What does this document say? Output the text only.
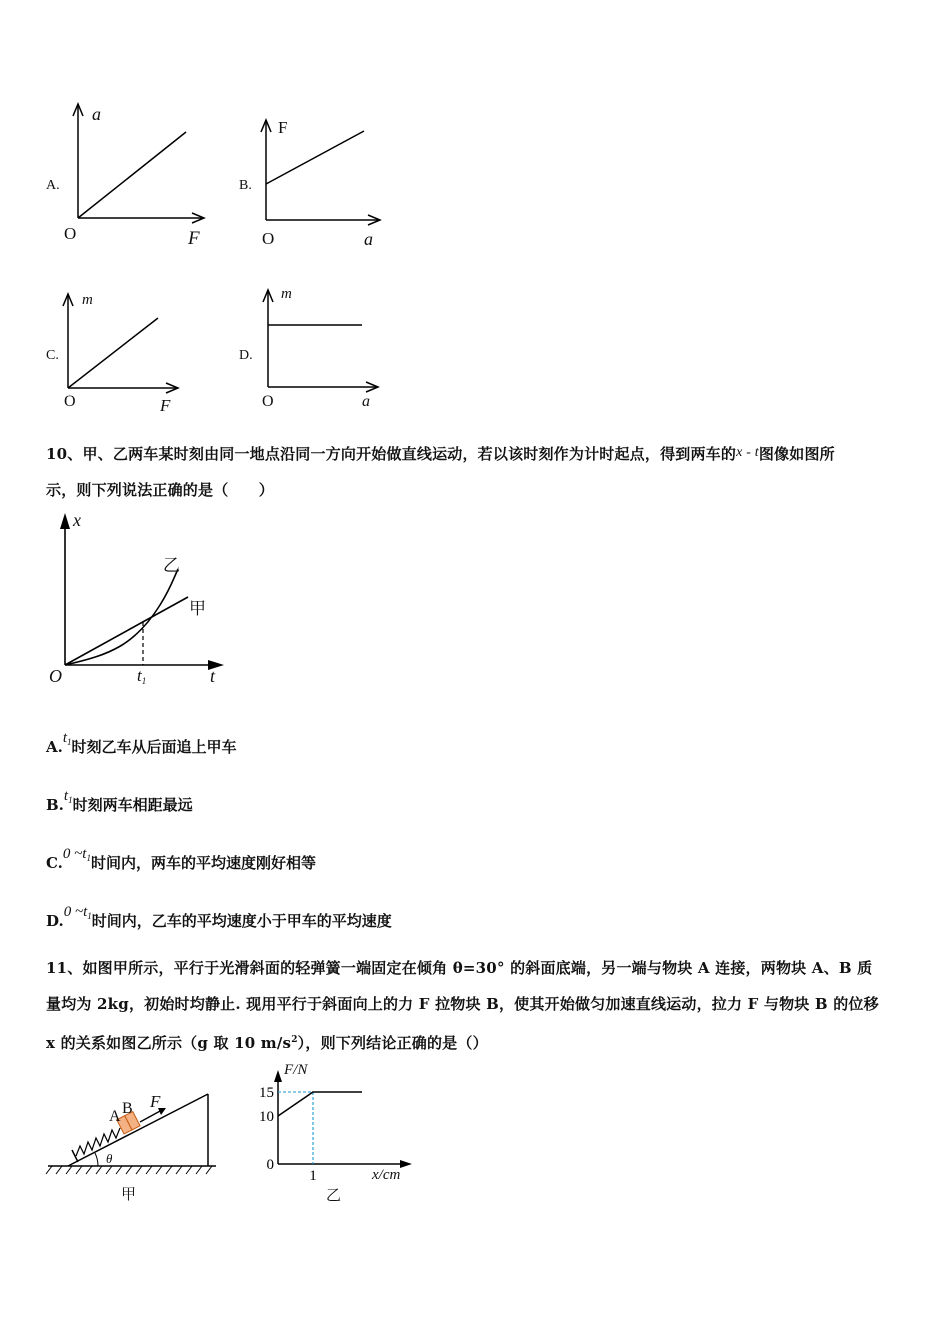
A.
a
O	F
B.
F
O	a
C.
m
O	F
D.
m
O	a
10、甲、乙两车某时刻由同一地点沿同一方向开始做直线运动，若以该时刻作为计时起点，得到两车的x - t图像如图所
示，则下列说法正确的是（　　）
x
乙
甲
O	$t_1$	t
$A.t_1$时刻乙车从后面追上甲车
$B.t_1$时刻两车相距最远
C.0 $\sim t_1$时间内，两车的平均速度刚好相等
D.0 $\sim t_1$时间内，乙车的平均速度小于甲车的平均速度
11、如图甲所示，平行于光滑斜面的轻弹簧一端固定在倾角 θ=30° 的斜面底端，另一端与物块 A 连接，两物块 A、B 质
量均为 2kg，初始时均静止. 现用平行于斜面向上的力 F 拉物块 B，使其开始做匀加速直线运动，拉力 F 与物块 B 的位移
x 的关系如图乙所示（g 取 10 $m/s^2$），则下列结论正确的是（）
A B F
θ
甲
0
10
15
1
F/N
x/cm
乙
